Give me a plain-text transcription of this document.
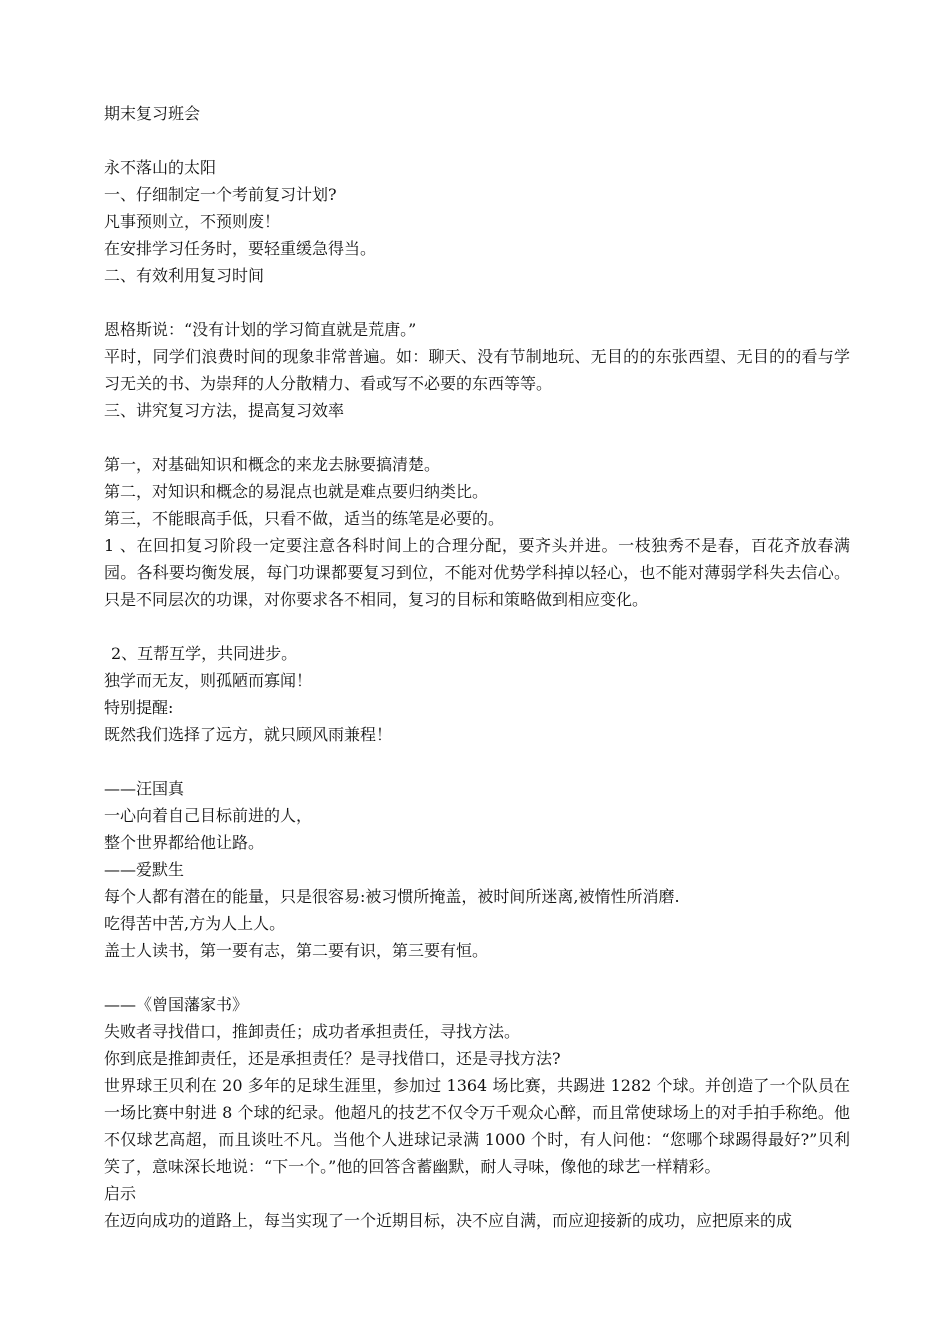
期末复习班会
永不落山的太阳
一、仔细制定一个考前复习计划?
凡事预则立，不预则废！
在安排学习任务时，要轻重缓急得当。
二、有效利用复习时间
恩格斯说：“没有计划的学习简直就是荒唐。”
平时，同学们浪费时间的现象非常普遍。如：聊天、没有节制地玩、无目的的东张西望、无目的的看与学习无关的书、为崇拜的人分散精力、看或写不必要的东西等等。
三、讲究复习方法，提高复习效率
第一，对基础知识和概念的来龙去脉要搞清楚。
第二，对知识和概念的易混点也就是难点要归纳类比。
第三，不能眼高手低，只看不做，适当的练笔是必要的。
1 、在回扣复习阶段一定要注意各科时间上的合理分配，要齐头并进。一枝独秀不是春，百花齐放春满园。各科要均衡发展，每门功课都要复习到位，不能对优势学科掉以轻心，也不能对薄弱学科失去信心。只是不同层次的功课，对你要求各不相同，复习的目标和策略做到相应变化。
2、互帮互学，共同进步。
独学而无友，则孤陋而寡闻！
特别提醒:
既然我们选择了远方，就只顾风雨兼程！
——汪国真
一心向着自己目标前进的人，
整个世界都给他让路。
——爱默生
每个人都有潜在的能量，只是很容易:被习惯所掩盖，被时间所迷离,被惰性所消磨.
吃得苦中苦,方为人上人。
盖士人读书，第一要有志，第二要有识，第三要有恒。
——《曾国藩家书》
失败者寻找借口，推卸责任；成功者承担责任，寻找方法。
你到底是推卸责任，还是承担责任？是寻找借口，还是寻找方法?
世界球王贝利在 20 多年的足球生涯里，参加过 1364 场比赛，共踢进 1282 个球。并创造了一个队员在一场比赛中射进 8 个球的纪录。他超凡的技艺不仅令万千观众心醉，而且常使球场上的对手拍手称绝。他不仅球艺高超，而且谈吐不凡。当他个人进球记录满 1000 个时，有人问他：“您哪个球踢得最好?”贝利笑了，意味深长地说：“下一个。”他的回答含蓄幽默，耐人寻味，像他的球艺一样精彩。
启示
在迈向成功的道路上，每当实现了一个近期目标，决不应自满，而应迎接新的成功，应把原来的成
